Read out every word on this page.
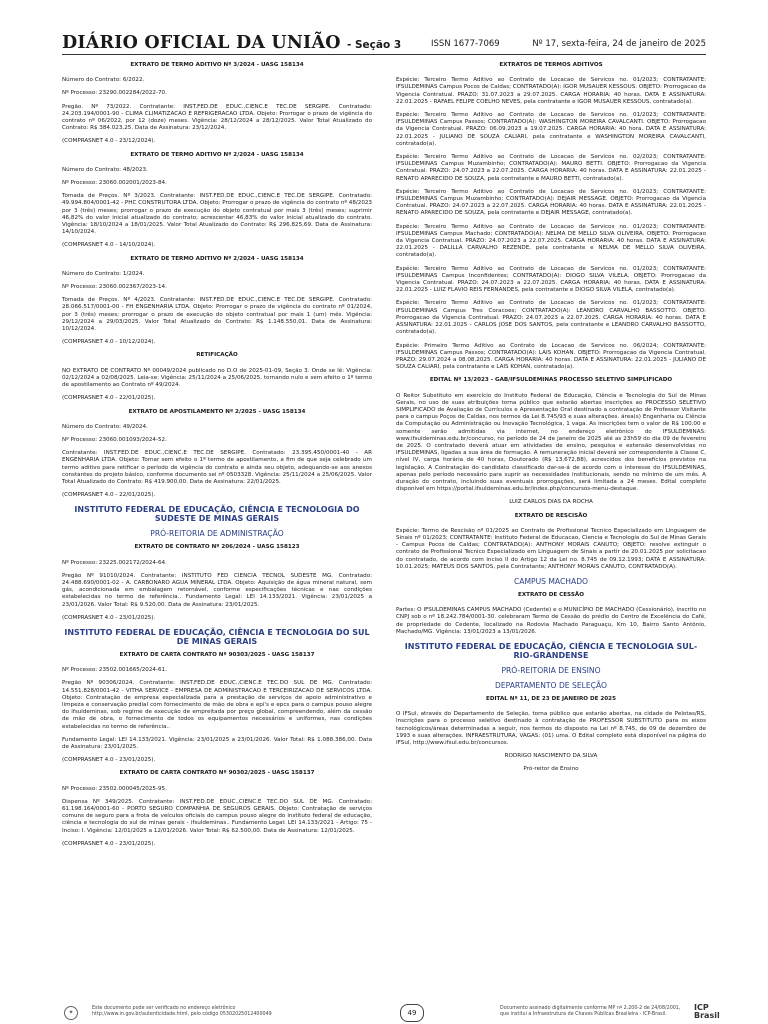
DIÁRIO OFICIAL DA UNIÃO - Seção 3	ISSN 1677-7069	Nº 17, sexta-feira, 24 de janeiro de 2025
EXTRATO DE TERMO ADITIVO Nº 3/2024 - UASG 158134

Número do Contrato: 6/2022.

Nº Processo: 23290.002284/2022-70.

Pregão. Nº 73/2022. Contratante: INST.FED.DE EDUC.,CIENC.E TEC.DE SERGIPE. Contratado: 24.203.194/0001-90 - CLIMA CLIMATIZACAO E REFRIGERACAO LTDA. Objeto: Prorrogar o prazo de vigência do contrato nº 06/2022, por 12 (doze) meses. Vigência: 28/12/2024 a 28/12/2025. Valor Total Atualizado do Contrato: R$ 384.023,25. Data de Assinatura: 23/12/2024.

(COMPRASNET 4.0 - 23/12/2024).

EXTRATO DE TERMO ADITIVO Nº 2/2024 - UASG 158134

Número do Contrato: 48/2023.

Nº Processo: 23060.002001/2023-84.

Tomada de Preços. Nº 3/2023. Contratante: INST.FED.DE EDUC.,CIENC.E TEC.DE SERGIPE. Contratado: 49.994.804/0001-42 - PHC CONSTRUTORA LTDA. Objeto: Prorrogar o prazo de vigência do contrato nº 48/2023 por 3 (três) meses; prorrogar o prazo de execução do objeto contratual por mais 3 (três) meses; suprimir 46,82% do valor inicial atualizado do contrato; acrescentar 46,83% do valor inicial atualizado do contrato. Vigência: 18/10/2024 a 18/01/2025. Valor Total Atualizado do Contrato: R$ 296.825,69. Data de Assinatura: 14/10/2024.

(COMPRASNET 4.0 - 14/10/2024).

EXTRATO DE TERMO ADITIVO Nº 2/2024 - UASG 158134

Número do Contrato: 1/2024.

Nº Processo: 23060.002367/2023-14.

Tomada de Preços. Nº 4/2023. Contratante: INST.FED.DE EDUC.,CIENC.E TEC.DE SERGIPE. Contratado: 28.066.517/0001-00 - FH ENGENHARIA LTDA. Objeto: Prorrogar o prazo de vigência do contrato nº 01/2024, por 3 (três) meses; prorrogar o prazo de execução do objeto contratual por mais 1 (um) mês. Vigência: 29/12/2024 a 29/03/2025. Valor Total Atualizado do Contrato: R$ 1.148.550,01. Data de Assinatura: 10/12/2024.

(COMPRASNET 4.0 - 10/12/2024).

RETIFICAÇÃO

NO EXTRATO DE CONTRATO Nº 00049/2024 publicado no D.O de 2025-01-09, Seção 3. Onde se lê: Vigência: 02/12/2024 a 02/08/2025. Leia-se: Vigência: 25/11/2024 a 25/06/2025, tornando nulo e sem efeito o 1º termo de apostilamento ao Contrato nº 49/2024.

(COMPRASNET 4.0 - 22/01/2025).

EXTRATO DE APOSTILAMENTO Nº 2/2025 - UASG 158134

Número do Contrato: 49/2024.

Nº Processo: 23060.001093/2024-52.

Contratante: INST.FED.DE EDUC.,CIENC.E TEC.DE SERGIPE. Contratado: 23.395.450/0001-40 - AR ENGENHARIA LTDA. Objeto: Tornar sem efeito o 1º termo de apostilamento, a fim de que seja celebrado um termo aditivo para retificar o período de vigência do contrato e ainda seu objeto, adequando-se aos anexos constantes do projeto básico, conforme documento sei nº 0503328. Vigência: 25/11/2024 a 25/06/2025. Valor Total Atualizado do Contrato: R$ 419.900,00. Data de Assinatura: 22/01/2025.

(COMPRASNET 4.0 - 22/01/2025).

INSTITUTO FEDERAL DE EDUCAÇÃO, CIÊNCIA E TECNOLOGIA DO SUDESTE DE MINAS GERAIS
PRÓ-REITORIA DE ADMINISTRAÇÃO
EXTRATO DE CONTRATO Nº 206/2024 - UASG 158123

Nº Processo: 23225.002172/2024-64.

Pregão Nº 91010/2024. Contratante: INSTITUTO FED CIENCIA TECNOL SUDESTE MG. Contratado: 24.488.690/0001-02 - A. CARBONARO AGUA MINERAL LTDA. Objeto: Aquisição de água mineral natural, sem gás, acondicionada em embalagem retornável, conforme especificações técnicas e nas condições estabelecidas no termo de referência.. Fundamento Legal: LEI 14.133/2021. Vigência: 23/01/2025 a 23/01/2026. Valor Total: R$ 9.520,00. Data de Assinatura: 23/01/2025.

(COMPRASNET 4.0 - 23/01/2025).

INSTITUTO FEDERAL DE EDUCAÇÃO, CIÊNCIA E TECNOLOGIA DO SUL DE MINAS GERAIS
EXTRATO DE CARTA CONTRATO Nº 90303/2025 - UASG 158137

Nº Processo: 23502.001665/2024-61.

Pregão Nº 90306/2024. Contratante: INST.FED.DE EDUC.,CIENC.E TEC.DO SUL DE MG. Contratado: 14.551.828/0001-42 - VITHA SERVICE - EMPRESA DE ADMINISTRACAO E TERCEIRIZACAO DE SERVICOS LTDA. Objeto: Contratação de empresa especializada para a prestação de serviços de apoio administrativo e limpeza e conservação predial com fornecimento de mão de obra e epi's e epcs para o campus pouso alegre do ifsuldeminas, sob regime de execução de empreitada por preço global, compreendendo, além da cessão de mão de obra, o fornecimento de todos os equipamentos necessários e uniformes, nas condições estabelecidas no termo de referência..

Fundamento Legal: LEI 14.133/2021. Vigência: 23/01/2025 a 23/01/2026. Valor Total: R$ 1.088.386,00. Data de Assinatura: 23/01/2025.

(COMPRASNET 4.0 - 23/01/2025).

EXTRATO DE CARTA CONTRATO Nº 90302/2025 - UASG 158137

Nº Processo: 23502.000045/2025-95.

Dispensa Nº 349/2025. Contratante: INST.FED.DE EDUC.,CIENC.E TEC.DO SUL DE MG. Contratado: 61.198.164/0001-60 - PORTO SEGURO COMPANHIA DE SEGUROS GERAIS. Objeto: Contratação de serviços comuns de seguro para a frota de veículos oficiais do campus pouso alegre do instituto federal de educação, ciência e tecnologia do sul de minas gerais - ifsuldeminas.. Fundamento Legal: LEI 14.133/2021 - Artigo: 75 - Inciso: I. Vigência: 12/01/2025 a 12/01/2026. Valor Total: R$ 62.500,00. Data de Assinatura: 12/01/2025.

(COMPRASNET 4.0 - 23/01/2025).

EXTRATOS DE TERMOS ADITIVOS

Espécie: Terceiro Termo Aditivo ao Contrato de Locacao de Servicos no. 01/2023; CONTRATANTE: IFSULDEMINAS Campus Pocos de Caldas; CONTRATADO(A): IGOR MUSAUER KESSOUS. OBJETO: Prorrogacao da Vigencia Contratual. PRAZO: 31.07.2023 a 29.07.2025. CARGA HORARIA: 40 horas. DATA E ASSINATURA: 22.01.2025 - RAFAEL FELIPE COELHO NEVES, pela contratante e IGOR MUSAUER KESSOUS, contratado(a).

Espécie: Terceiro Termo Aditivo ao Contrato de Locacao de Servicos no. 01/2023; CONTRATANTE: IFSULDEMINAS Campus Passos; CONTRATADO(A): WASHINGTON MOREIRA CAVALCANTI. OBJETO: Prorrogacao da Vigencia Contratual. PRAZO: 06.09.2023 a 19.07.2025. CARGA HORARIA: 40 hora. DATA E ASSINATURA: 22.01.2025 - JULIANO DE SOUZA CALIARI, pela contratante e WASHINGTON MOREIRA CAVALCANTI, contratado(a).

Espécie: Terceiro Termo Aditivo ao Contrato de Locacao de Servicos no. 02/2023; CONTRATANTE: IFSULDEMINAS Campus Muzambinho; CONTRATADO(A): MAURO BETTI. OBJETO: Prorrogacao da Vigencia Contratual. PRAZO: 24.07.2023 a 22.07.2025. CARGA HORARIA: 40 horas. DATA E ASSINATURA: 22.01.2025 - RENATO APARECIDO DE SOUZA, pela contratante e MAURO BETTI, contratado(a).

Espécie: Terceiro Termo Aditivo ao Contrato de Locacao de Servicos no. 01/2023; CONTRATANTE: IFSULDEMINAS Campus Muzambinho; CONTRATADO(A): DEJAIR MESSAGE. OBJETO: Prorrogacao da Vigencia Contratual. PRAZO: 24.07.2023 a 22.07.2025. CARGA HORARIA: 40 horas. DATA E ASSINATURA: 22.01.2025 - RENATO APARECIDO DE SOUZA, pela contratante e DEJAIR MESSAGE, contratado(a).

Espécie: Terceiro Termo Aditivo ao Contrato de Locacao de Servicos no. 01/2023; CONTRATANTE: IFSULDEMINAS Campus Machado; CONTRATADO(A): NELMA DE MELLO SILVA OLIVEIRA. OBJETO: Prorrogacao da Vigencia Contratual. PRAZO: 24.07.2023 a 22.07.2025. CARGA HORARIA: 40 horas. DATA E ASSINATURA: 22.01.2025 - DALILLA CARVALHO REZENDE, pela contratante e NELMA DE MELLO SILVA OLIVEIRA, contratado(a).

Espécie: Terceiro Termo Aditivo ao Contrato de Locacao de Servicos no. 01/2023; CONTRATANTE: IFSULDEMINAS Campus Inconfidentes; CONTRATADO(A): DIOGO SILVA VILELA. OBJETO: Prorrogacao da Vigencia Contratual. PRAZO: 24.07.2023 a 22.07.2025. CARGA HORARIA: 40 horas. DATA E ASSINATURA: 22.01.2025 - LUIZ FLAVIO REIS FERNANDES, pela contratante e DIOGO SILVA VILELA, contratado(a).

Espécie: Terceiro Termo Aditivo ao Contrato de Locacao de Servicos no. 01/2023; CONTRATANTE: IFSULDEMINAS Campus Tres Coracoes; CONTRATADO(A): LEANDRO CARVALHO BASSOTTO. OBJETO: Prorrogacao da Vigencia Contratual. PRAZO: 24.07.2023 a 22.07.2025. CARGA HORARIA: 40 horas. DATA E ASSINATURA: 22.01.2025 - CARLOS JOSE DOS SANTOS, pela contratante e LEANDRO CARVALHO BASSOTTO, contratado(a).

Espécie: Primeiro Termo Aditivo ao Contrato de Locacao de Servicos no. 06/2024; CONTRATANTE: IFSULDEMINAS Campus Passos; CONTRATADO(A): LAIS KOHAN. OBJETO: Prorrogacao da Vigencia Contratual. PRAZO: 29.07.2024 a 08.08.2025. CARGA HORARIA: 40 horas. DATA E ASSINATURA: 22.01.2025 - JULIANO DE SOUZA CALIARI, pela contratante e LAIS KOHAN, contratado(a).

EDITAL Nº 13/2023 - GAB/IFSULDEMINAS PROCESSO SELETIVO SIMPLIFICADO

O Reitor Substituto em exercício do Instituto Federal de Educação, Ciência e Tecnologia do Sul de Minas Gerais, no uso de suas atribuições torna público que estarão abertas inscrições ao PROCESSO SELETIVO SIMPLIFICADO de Avaliação de Currículos e Apresentação Oral destinado a contratação de Professor Visitante para o campus Poços de Caldas, nos termos da Lei 8.745/93 e suas alterações. área(s) Engenharia ou Ciência da Computação ou Administração ou Inovação Tecnológica, 1 vaga. As inscrições tem o valor de R$ 100,00 e somente serão admitidas via internet, no endereço eletrônico do IFSULDEMINAS: www.ifsuldeminas.edu.br/concurso, no período de 24 de janeiro de 2025 até as 23h59 do dia 09 de fevereiro de 2025. O contratado deverá atuar em atividades de ensino, pesquisa e extensão desenvolvidas no IFSULDEMINAS, ligadas a sua área de formação. A remuneração inicial deverá ser correspondente à Classe C, nível IV, carga horária de 40 horas, Doutorado (R$ 13.672,88), acrescidos dos benefícios previstos na legislação. A Contratação do candidato classificado dar-se-á de acordo com o interesse do IFSULDEMINAS, apenas pelo período necessário para suprir as necessidades institucionais, sendo no mínimo de um mês. A duração do contrato, incluindo suas eventuais prorrogações, será limitada a 24 meses. Edital completo disponível em https://portal.ifsuldeminas.edu.br/index.php/concursos-menu-destaque.

LUIZ CARLOS DIAS DA ROCHA
EXTRATO DE RESCISÃO

Espécie: Termo de Rescisão nº 01/2025 ao Contrato de Profissional Tecnico Especializado em Linguagem de Sinais nº 01/2023; CONTRATANTE: Instituto Federal de Educacao, Ciencia e Tecnologia do Sul de Minas Gerais - Campus Pocos de Caldas; CONTRATADO(A): ANTHONY MORAIS CANUTO; OBJETO: resolve extinguir o contrato de Profissional Tecnico Especializado em Linguagem de Sinais a partir de 20.01.2025 por solicitacao do contratado, de acordo com inciso II do Artigo 12 da Lei no. 8.745 de 09.12.1993; DATA E ASSINATURA: 10.01.2025; MATEUS DOS SANTOS, pela Contratante; ANTHONY MORAIS CANUTO, CONTRATADO(A).

CAMPUS MACHADO
EXTRATO DE CESSÃO

Partes: O IFSULDEMINAS CAMPUS MACHADO (Cedente) e o MUNICÍPIO DE MACHADO (Cessionário), inscrito no CNPJ sob o nº 18.242.784/0001-30. celebraram Termo de Cessão do prédio do Centro de Excelência do Café, de propriedade do Cedente, localizado na Rodovia Machado Paraguaçu, Km 10, Bairro Santo Antônio, Machado/MG. Vigência: 13/01/2023 a 13/01/2026.

INSTITUTO FEDERAL DE EDUCAÇÃO, CIÊNCIA E TECNOLOGIA SUL-RIO-GRANDENSE
PRÓ-REITORIA DE ENSINO
DEPARTAMENTO DE SELEÇÃO
EDITAL Nº 11, DE 23 DE JANEIRO DE 2025

O IFSul, através do Departamento de Seleção, torna público que estarão abertas, na cidade de Pelotas/RS, inscrições para o processo seletivo destinado à contratação de PROFESSOR SUBSTITUTO para os eixos tecnológicos/áreas determinadas a seguir, nos termos do disposto na Lei nº 8.745, de 09 de dezembro de 1993 e suas alterações. INFRAESTRUTURA, VAGAS: (01) uma. O Edital completo está disponível na página do IFSul, http://www.ifsul.edu.br/concursos.

RODRIGO NASCIMENTO DA SILVA
Pró-reitor de Ensino
✦
Este documento pode ser verificado no endereço eletrônico http://www.in.gov.br/autenticidade.html, pelo código 05302025012400049	49
Documento assinado digitalmente conforme MP nº 2.200-2 de 24/08/2001, que institui a Infraestrutura de Chaves Públicas Brasileira - ICP-Brasil.
ICP Brasil
